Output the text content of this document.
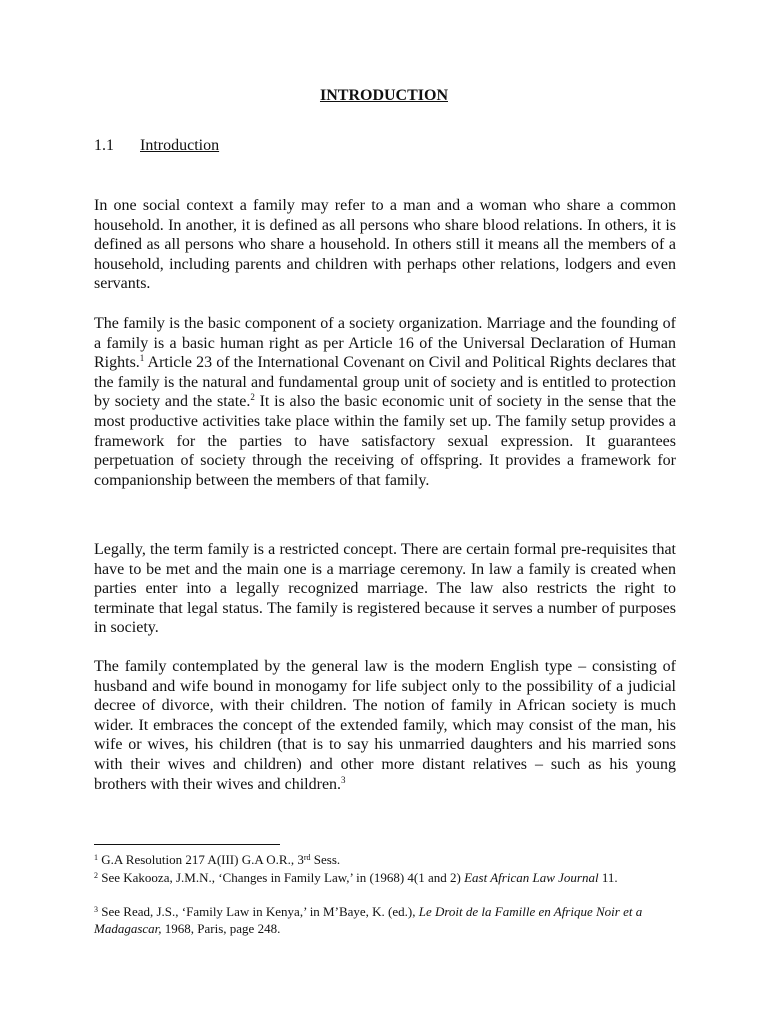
INTRODUCTION
1.1 Introduction

In one social context a family may refer to a man and a woman who share a common household. In another, it is defined as all persons who share blood relations. In others, it is defined as all persons who share a household. In others still it means all the members of a household, including parents and children with perhaps other relations, lodgers and even servants.

The family is the basic component of a society organization. Marriage and the founding of a family is a basic human right as per Article 16 of the Universal Declaration of Human Rights.$^1$ Article 23 of the International Covenant on Civil and Political Rights declares that the family is the natural and fundamental group unit of society and is entitled to protection by society and the state.$^2$ It is also the basic economic unit of society in the sense that the most productive activities take place within the family set up. The family setup provides a framework for the parties to have satisfactory sexual expression. It guarantees perpetuation of society through the receiving of offspring. It provides a framework for companionship between the members of that family.

Legally, the term family is a restricted concept. There are certain formal pre-requisites that have to be met and the main one is a marriage ceremony. In law a family is created when parties enter into a legally recognized marriage. The law also restricts the right to terminate that legal status. The family is registered because it serves a number of purposes in society.

The family contemplated by the general law is the modern English type – consisting of husband and wife bound in monogamy for life subject only to the possibility of a judicial decree of divorce, with their children. The notion of family in African society is much wider. It embraces the concept of the extended family, which may consist of the man, his wife or wives, his children (that is to say his unmarried daughters and his married sons with their wives and children) and other more distant relatives – such as his young brothers with their wives and children.$^3$

$^1$ G.A Resolution 217 A(III) G.A O.R., 3rd Sess.

$^2$ See Kakooza, J.M.N., ‘Changes in Family Law,’ in (1968) 4(1 and 2) East African Law Journal 11.

$^3$ See Read, J.S., ‘Family Law in Kenya,’ in M’Baye, K. (ed.), Le Droit de la Famille en Afrique Noir et a Madagascar, 1968, Paris, page 248.
